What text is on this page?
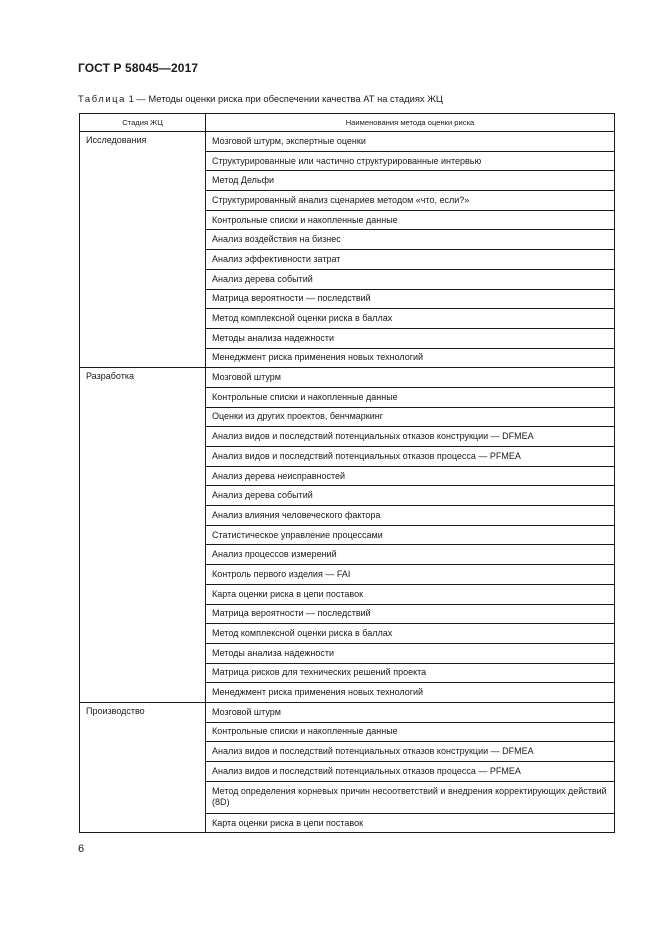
ГОСТ Р 58045—2017
Таблица 1 — Методы оценки риска при обеспечении качества АТ на стадиях ЖЦ
Стадия ЖЦ	Наименования метода оценки риска
Исследования	Мозговой штурм, экспертные оценки
	Структурированные или частично структурированные интервью
	Метод Дельфи
	Структурированный анализ сценариев методом «что, если?»
	Контрольные списки и накопленные данные
	Анализ воздействия на бизнес
	Анализ эффективности затрат
	Анализ дерева событий
	Матрица вероятности — последствий
	Метод комплексной оценки риска в баллах
	Методы анализа надежности
	Менеджмент риска применения новых технологий
Разработка	Мозговой штурм
	Контрольные списки и накопленные данные
	Оценки из других проектов, бенчмаркинг
	Анализ видов и последствий потенциальных отказов конструкции — DFMEA
	Анализ видов и последствий потенциальных отказов процесса — PFMEA
	Анализ дерева неисправностей
	Анализ дерева событий
	Анализ влияния человеческого фактора
	Статистическое управление процессами
	Анализ процессов измерений
	Контроль первого изделия — FAI
	Карта оценки риска в цепи поставок
	Матрица вероятности — последствий
	Метод комплексной оценки риска в баллах
	Методы анализа надежности
	Матрица рисков для технических решений проекта
	Менеджмент риска применения новых технологий
Производство	Мозговой штурм
	Контрольные списки и накопленные данные
	Анализ видов и последствий потенциальных отказов конструкции — DFMEA
	Анализ видов и последствий потенциальных отказов процесса — PFMEA
	Метод определения корневых причин несоответствий и внедрения корректирующих действий (8D)
	Карта оценки риска в цепи поставок
6
